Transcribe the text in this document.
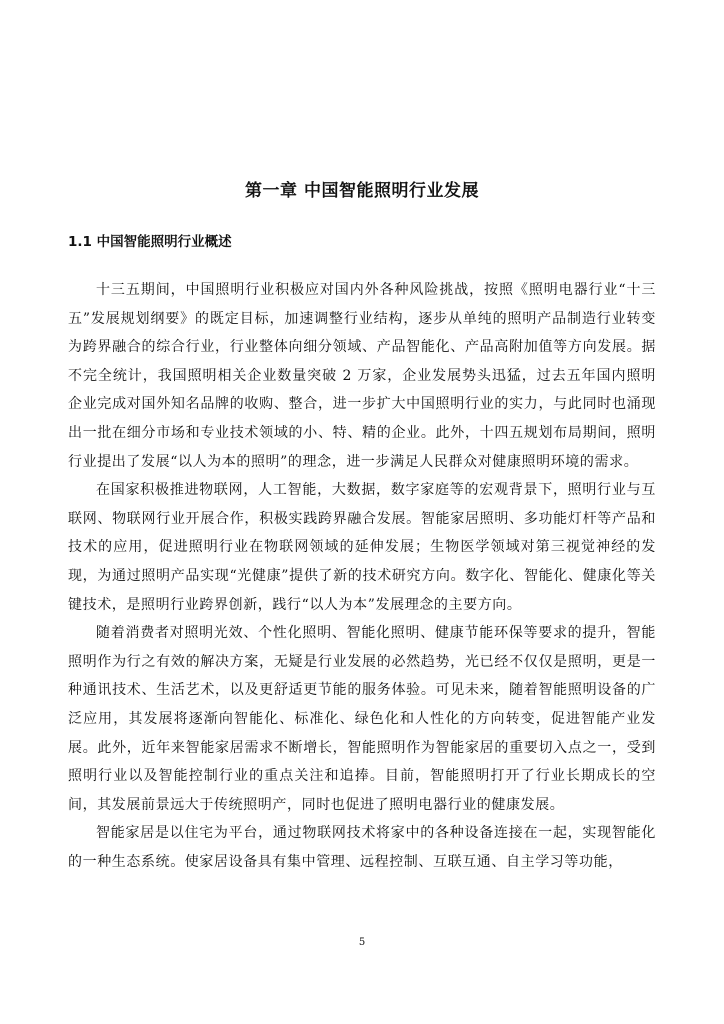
第一章 中国智能照明行业发展
1.1 中国智能照明行业概述

十三五期间，中国照明行业积极应对国内外各种风险挑战，按照《照明电器行业“十三五”发展规划纲要》的既定目标，加速调整行业结构，逐步从单纯的照明产品制造行业转变为跨界融合的综合行业，行业整体向细分领域、产品智能化、产品高附加值等方向发展。据不完全统计，我国照明相关企业数量突破 2 万家，企业发展势头迅猛，过去五年国内照明企业完成对国外知名品牌的收购、整合，进一步扩大中国照明行业的实力，与此同时也涌现出一批在细分市场和专业技术领域的小、特、精的企业。此外，十四五规划布局期间，照明行业提出了发展“以人为本的照明”的理念，进一步满足人民群众对健康照明环境的需求。

在国家积极推进物联网，人工智能，大数据，数字家庭等的宏观背景下，照明行业与互联网、物联网行业开展合作，积极实践跨界融合发展。智能家居照明、多功能灯杆等产品和技术的应用，促进照明行业在物联网领域的延伸发展；生物医学领域对第三视觉神经的发现，为通过照明产品实现“光健康”提供了新的技术研究方向。数字化、智能化、健康化等关键技术，是照明行业跨界创新，践行“以人为本”发展理念的主要方向。

随着消费者对照明光效、个性化照明、智能化照明、健康节能环保等要求的提升，智能照明作为行之有效的解决方案，无疑是行业发展的必然趋势，光已经不仅仅是照明，更是一种通讯技术、生活艺术，以及更舒适更节能的服务体验。可见未来，随着智能照明设备的广泛应用，其发展将逐渐向智能化、标准化、绿色化和人性化的方向转变，促进智能产业发展。此外，近年来智能家居需求不断增长，智能照明作为智能家居的重要切入点之一，受到照明行业以及智能控制行业的重点关注和追捧。目前，智能照明打开了行业长期成长的空间，其发展前景远大于传统照明产，同时也促进了照明电器行业的健康发展。

智能家居是以住宅为平台，通过物联网技术将家中的各种设备连接在一起，实现智能化的一种生态系统。使家居设备具有集中管理、远程控制、互联互通、自主学习等功能，

5
